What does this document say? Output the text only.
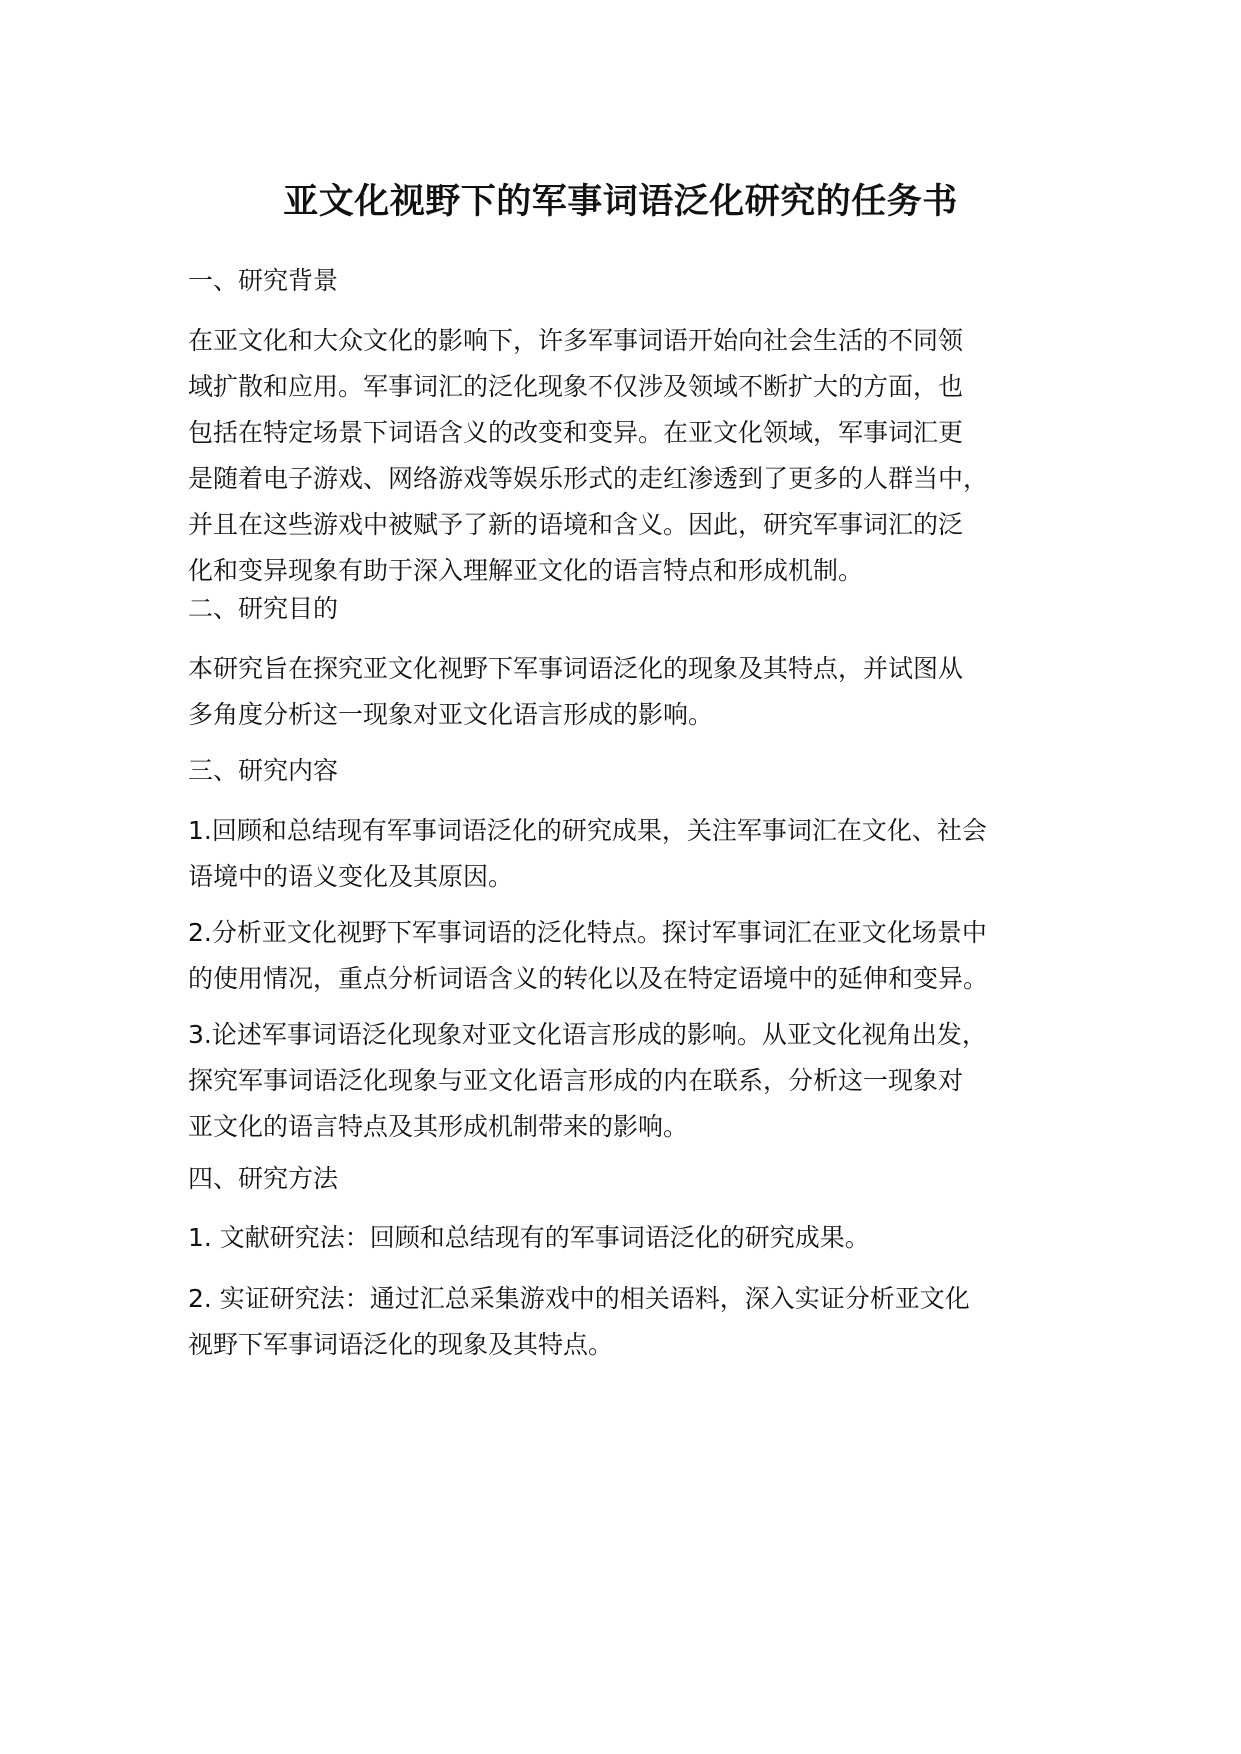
亚文化视野下的军事词语泛化研究的任务书
一、研究背景
在亚文化和大众文化的影响下，许多军事词语开始向社会生活的不同领
域扩散和应用。军事词汇的泛化现象不仅涉及领域不断扩大的方面，也
包括在特定场景下词语含义的改变和变异。在亚文化领域，军事词汇更
是随着电子游戏、网络游戏等娱乐形式的走红渗透到了更多的人群当中，
并且在这些游戏中被赋予了新的语境和含义。因此，研究军事词汇的泛
化和变异现象有助于深入理解亚文化的语言特点和形成机制。
二、研究目的
本研究旨在探究亚文化视野下军事词语泛化的现象及其特点，并试图从
多角度分析这一现象对亚文化语言形成的影响。
三、研究内容
1.回顾和总结现有军事词语泛化的研究成果，关注军事词汇在文化、社会
语境中的语义变化及其原因。
2.分析亚文化视野下军事词语的泛化特点。探讨军事词汇在亚文化场景中
的使用情况，重点分析词语含义的转化以及在特定语境中的延伸和变异。
3.论述军事词语泛化现象对亚文化语言形成的影响。从亚文化视角出发，
探究军事词语泛化现象与亚文化语言形成的内在联系，分析这一现象对
亚文化的语言特点及其形成机制带来的影响。
四、研究方法
1. 文献研究法：回顾和总结现有的军事词语泛化的研究成果。
2. 实证研究法：通过汇总采集游戏中的相关语料，深入实证分析亚文化
视野下军事词语泛化的现象及其特点。
